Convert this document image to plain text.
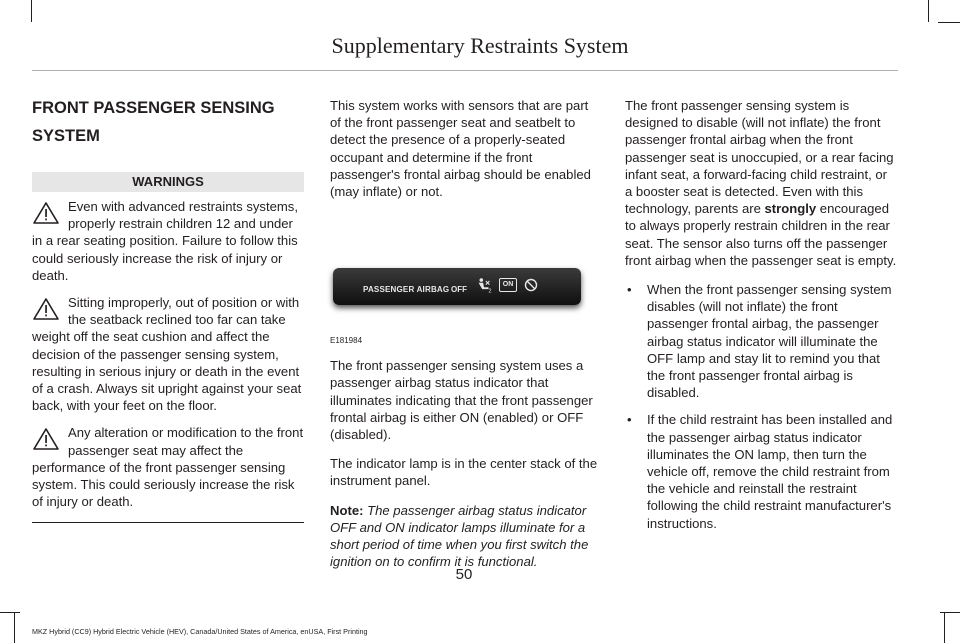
Supplementary Restraints System
FRONT PASSENGER SENSING
SYSTEM
WARNINGS
Even with advanced restraints systems, properly restrain children 12 and under in a rear seating position. Failure to follow this could seriously increase the risk of injury or death.
Sitting improperly, out of position or with the seatback reclined too far can take weight off the seat cushion and affect the decision of the passenger sensing system, resulting in serious injury or death in the event of a crash. Always sit upright against your seat back, with your feet on the floor.
Any alteration or modification to the front passenger seat may affect the performance of the front passenger sensing system. This could seriously increase the risk of injury or death.

This system works with sensors that are part of the front passenger seat and seatbelt to detect the presence of a properly-seated occupant and determine if the front passenger's frontal airbag should be enabled (may inflate) or not.

PASSENGER AIRBAG OFF	2
ON
E181984

The front passenger sensing system uses a passenger airbag status indicator that illuminates indicating that the front passenger frontal airbag is either ON (enabled) or OFF (disabled).

The indicator lamp is in the center stack of the instrument panel.

Note: The passenger airbag status indicator OFF and ON indicator lamps illuminate for a short period of time when you first switch the ignition on to confirm it is functional.

The front passenger sensing system is designed to disable (will not inflate) the front passenger frontal airbag when the front passenger seat is unoccupied, or a rear facing infant seat, a forward-facing child restraint, or a booster seat is detected. Even with this technology, parents are strongly encouraged to always properly restrain children in the rear seat. The sensor also turns off the passenger front airbag when the passenger seat is empty.

• When the front passenger sensing system disables (will not inflate) the front passenger frontal airbag, the passenger airbag status indicator will illuminate the OFF lamp and stay lit to remind you that the front passenger frontal airbag is disabled.
• If the child restraint has been installed and the passenger airbag status indicator illuminates the ON lamp, then turn the vehicle off, remove the child restraint from the vehicle and reinstall the restraint following the child restraint manufacturer's instructions.
50
MKZ Hybrid (CC9) Hybrid Electric Vehicle (HEV), Canada/United States of America, enUSA, First Printing
